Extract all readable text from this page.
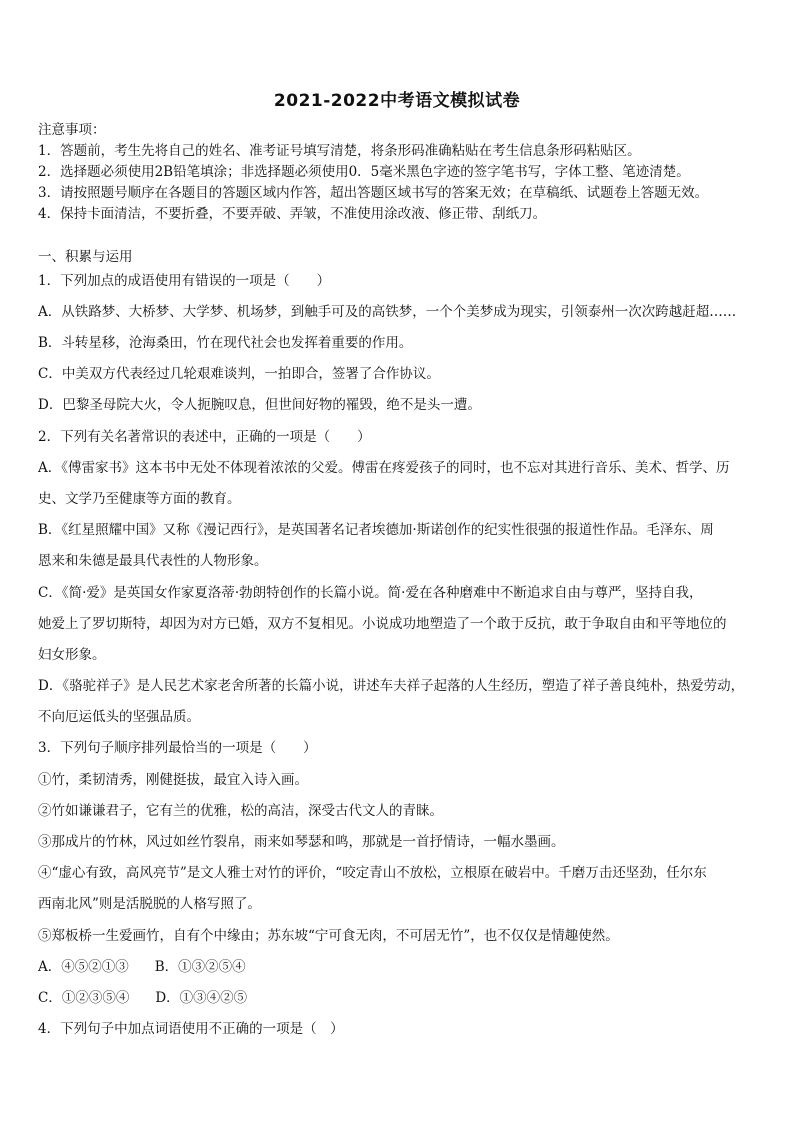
2021-2022中考语文模拟试卷
注意事项：
1．答题前，考生先将自己的姓名、准考证号填写清楚，将条形码准确粘贴在考生信息条形码粘贴区。
2．选择题必须使用2B铅笔填涂；非选择题必须使用0．5毫米黑色字迹的签字笔书写，字体工整、笔迹清楚。
3．请按照题号顺序在各题目的答题区域内作答，超出答题区域书写的答案无效；在草稿纸、试题卷上答题无效。
4．保持卡面清洁，不要折叠，不要弄破、弄皱，不准使用涂改液、修正带、刮纸刀。
一、积累与运用
1．下列加点的成语使用有错误的一项是（　　）
A．从铁路梦、大桥梦、大学梦、机场梦，到触手可及的高铁梦，一个个美梦成为现实，引领泰州一次次跨越赶超……
B．斗转星移，沧海桑田，竹在现代社会也发挥着重要的作用。
C．中美双方代表经过几轮艰难谈判，一拍即合，签署了合作协议。
D．巴黎圣母院大火，令人扼腕叹息，但世间好物的罹毁，绝不是头一遭。
2．下列有关名著常识的表述中，正确的一项是（　　）
A．《傅雷家书》这本书中无处不体现着浓浓的父爱。傅雷在疼爱孩子的同时，也不忘对其进行音乐、美术、哲学、历
史、文学乃至健康等方面的教育。
B．《红星照耀中国》又称《漫记西行》，是英国著名记者埃德加·斯诺创作的纪实性很强的报道性作品。毛泽东、周
恩来和朱德是最具代表性的人物形象。
C．《简·爱》是英国女作家夏洛蒂·勃朗特创作的长篇小说。简·爱在各种磨难中不断追求自由与尊严，坚持自我，
她爱上了罗切斯特，却因为对方已婚，双方不复相见。小说成功地塑造了一个敢于反抗，敢于争取自由和平等地位的
妇女形象。
D．《骆驼祥子》是人民艺术家老舍所著的长篇小说，讲述车夫祥子起落的人生经历，塑造了祥子善良纯朴，热爱劳动，
不向厄运低头的坚强品质。
3．下列句子顺序排列最恰当的一项是（　　）
①竹，柔韧清秀，刚健挺拔，最宜入诗入画。
②竹如谦谦君子，它有兰的优雅，松的高洁，深受古代文人的青睐。
③那成片的竹林，风过如丝竹裂帛，雨来如琴瑟和鸣，那就是一首抒情诗，一幅水墨画。
④“虚心有致，高风亮节”是文人雅士对竹的评价，“咬定青山不放松，立根原在破岩中。千磨万击还坚劲，任尔东
西南北风”则是活脱脱的人格写照了。
⑤郑板桥一生爱画竹，自有个中缘由；苏东坡“宁可食无肉，不可居无竹”，也不仅仅是情趣使然。
A．④⑤②①③ B．①③②⑤④
C．①②③⑤④ D．①③④②⑤
4．下列句子中加点词语使用不正确的一项是（　）
